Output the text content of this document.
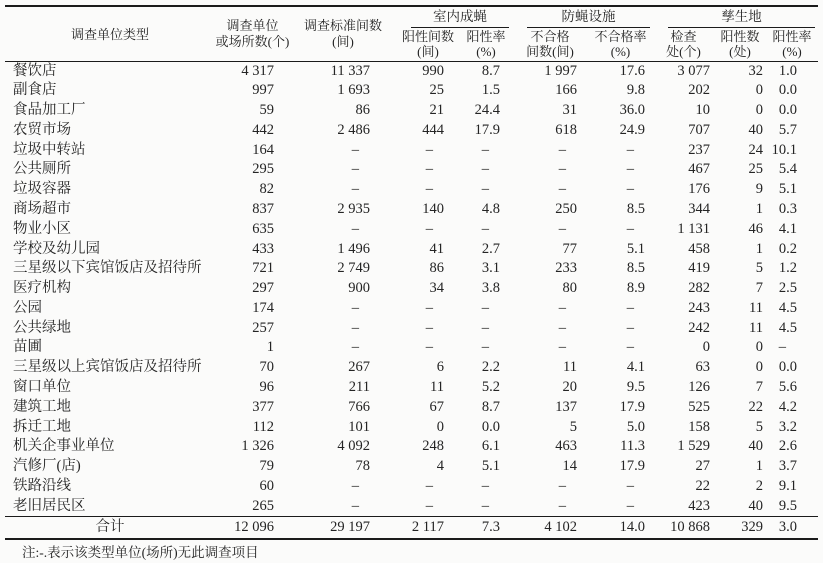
调查单位类型	
调查单位
或场所数(个)

调查标准间数
(间)

室内成蝇	防蝇设施	孳生地

阳性间数
(间)

阳性率
(%)

不合格
间数(间)

不合格率
(%)

检查
处(个)

阳性数
(处)

阳性率
(%)

餐饮店	4 317	11 337	990	8.7	1 997	17.6	3 077	32	1.0
副食店	997	1 693	25	1.5	166	9.8	202	0	0.0
食品加工厂	59	86	21	24.4	31	36.0	10	0	0.0
农贸市场	442	2 486	444	17.9	618	24.9	707	40	5.7
垃圾中转站	164	–	–	–	–	–	237	24	10.1
公共厕所	295	–	–	–	–	–	467	25	5.4
垃圾容器	82	–	–	–	–	–	176	9	5.1
商场超市	837	2 935	140	4.8	250	8.5	344	1	0.3
物业小区	635	–	–	–	–	–	1 131	46	4.1
学校及幼儿园	433	1 496	41	2.7	77	5.1	458	1	0.2
三星级以下宾馆饭店及招待所	721	2 749	86	3.1	233	8.5	419	5	1.2
医疗机构	297	900	34	3.8	80	8.9	282	7	2.5
公园	174	–	–	–	–	–	243	11	4.5
公共绿地	257	–	–	–	–	–	242	11	4.5
苗圃	1	–	–	–	–	–	0	0	–
三星级以上宾馆饭店及招待所	70	267	6	2.2	11	4.1	63	0	0.0
窗口单位	96	211	11	5.2	20	9.5	126	7	5.6
建筑工地	377	766	67	8.7	137	17.9	525	22	4.2
拆迁工地	112	101	0	0.0	5	5.0	158	5	3.2
机关企事业单位	1 326	4 092	248	6.1	463	11.3	1 529	40	2.6
汽修厂(店)	79	78	4	5.1	14	17.9	27	1	3.7
铁路沿线	60	–	–	–	–	–	22	2	9.1
老旧居民区	265	–	–	–	–	–	423	40	9.5
合计	12 096	29 197	2 117	7.3	4 102	14.0	10 868	329	3.0
注:-.表示该类型单位(场所)无此调查项目
